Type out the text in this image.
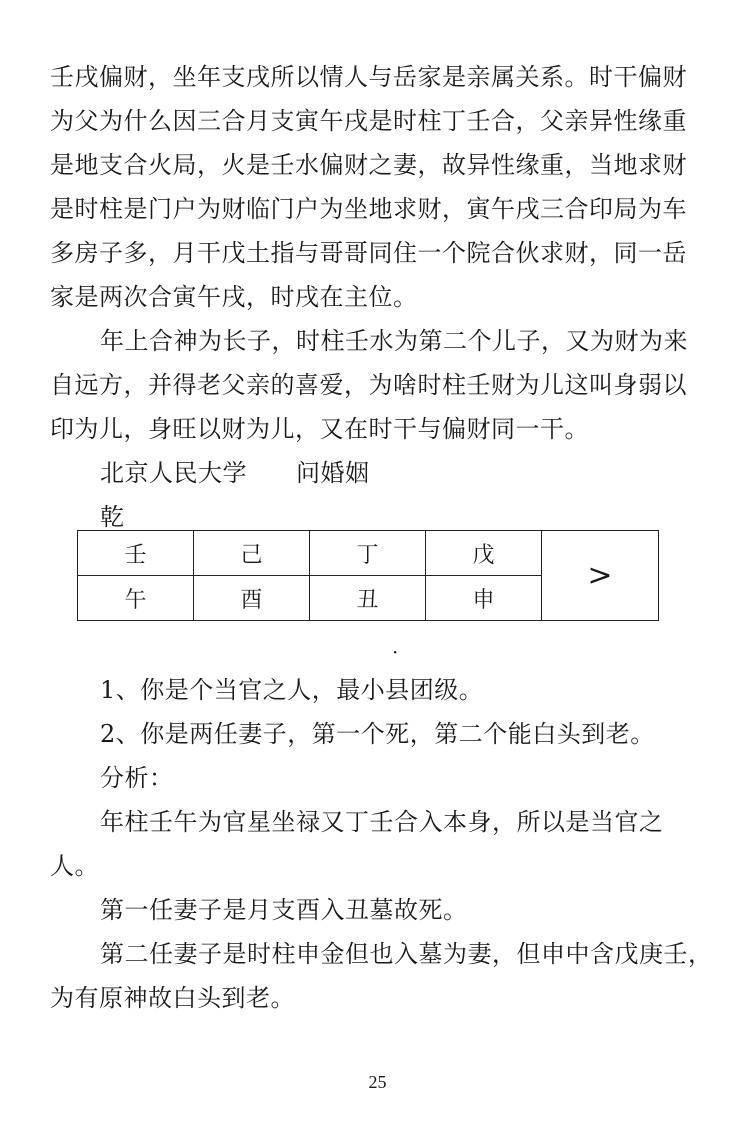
壬戌偏财，坐年支戌所以情人与岳家是亲属关系。时干偏财
为父为什么因三合月支寅午戌是时柱丁壬合，父亲异性缘重
是地支合火局，火是壬水偏财之妻，故异性缘重，当地求财
是时柱是门户为财临门户为坐地求财，寅午戌三合印局为车
多房子多，月干戊土指与哥哥同住一个院合伙求财，同一岳
家是两次合寅午戌，时戌在主位。
年上合神为长子，时柱壬水为第二个儿子，又为财为来
自远方，并得老父亲的喜爱，为啥时柱壬财为儿这叫身弱以
印为儿，身旺以财为儿，又在时干与偏财同一干。
北京人民大学　　问婚姻
乾
壬	己	丁	戊	>
午	酉	丑	申	
·
1、你是个当官之人，最小县团级。
2、你是两任妻子，第一个死，第二个能白头到老。
分析：
年柱壬午为官星坐禄又丁壬合入本身，所以是当官之
人。
第一任妻子是月支酉入丑墓故死。
第二任妻子是时柱申金但也入墓为妻，但申中含戊庚壬，
为有原神故白头到老。
25
